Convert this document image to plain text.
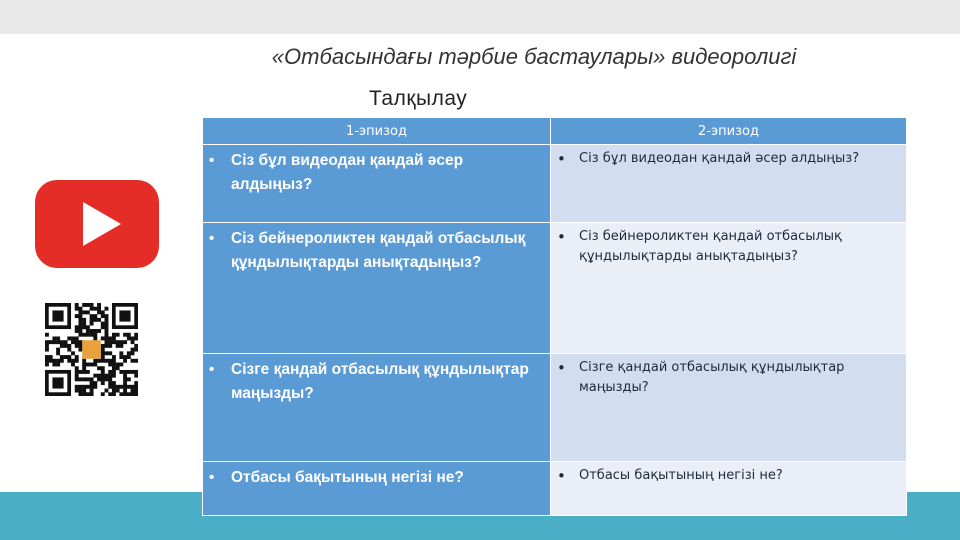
«Отбасындағы тәрбие бастаулары» видеоролигі
Талқылау
1-эпизод	2-эпизод

• Сіз бұл видеодан қандай әсер алдыңыз?	• Сіз бұл видеодан қандай әсер алдыңыз?

• Сіз бейнероликтен қандай отбасылық құндылықтарды анықтадыңыз?	• Сіз бейнероликтен қандай отбасылық құндылықтарды анықтадыңыз?

• Сізге қандай отбасылық құндылықтар маңызды?	• Сізге қандай отбасылық құндылықтар маңызды?

• Отбасы бақытының негізі не?	• Отбасы бақытының негізі не?
